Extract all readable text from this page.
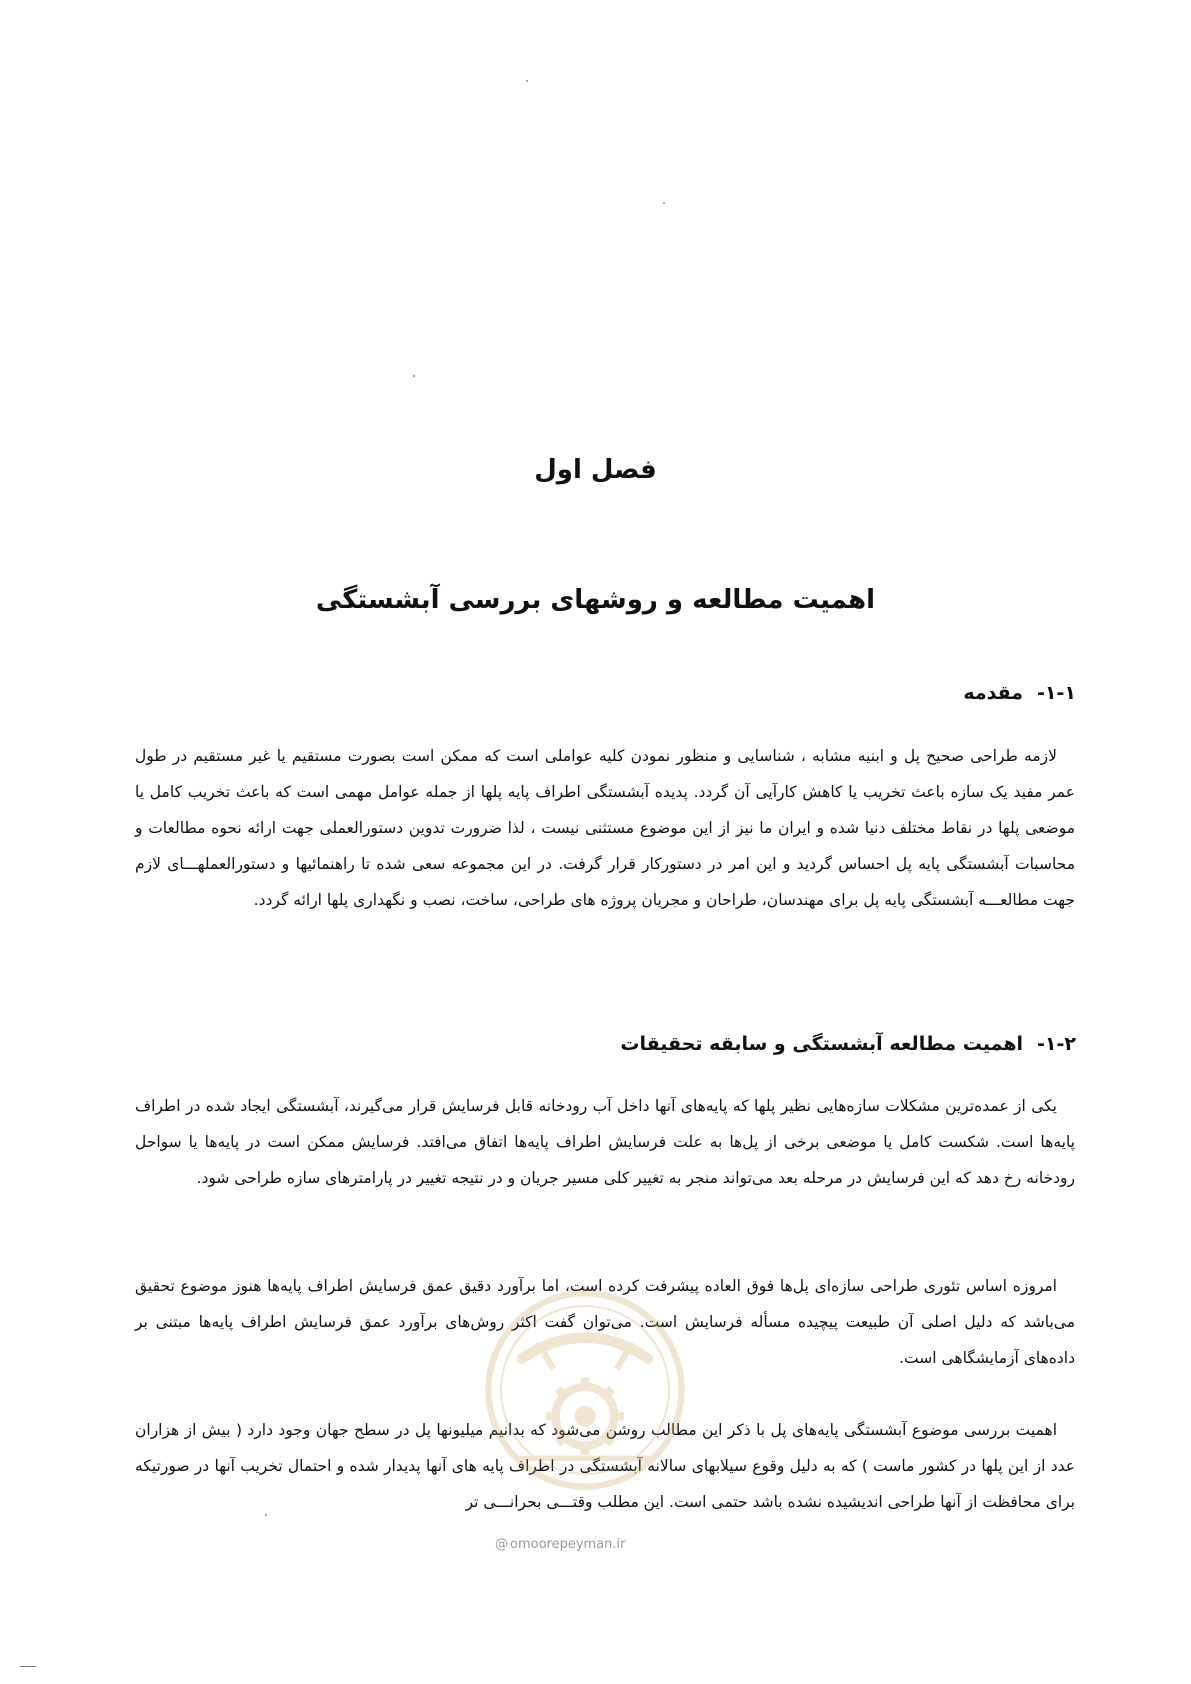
فصل اول
اهمیت مطالعه و روشهای بررسی آبشستگی
۱-۱-مقدمه

لازمه طراحی صحیح پل و ابنیه مشابه ، شناسایی و منظور نمودن کلیه عواملی است که ممکن است بصورت مستقیم یا غیر مستقیم در طول عمر مفید یک سازه باعث تخریب یا کاهش کارآیی آن گردد. پدیده آبشستگی اطراف پایه پلها از جمله عوامل مهمی است که باعث تخریب کامل یا موضعی پلها در نقاط مختلف دنیا شده و ایران ما نیز از این موضوع مستثنی نیست ، لذا ضرورت تدوین دستورالعملی جهت ارائه نحوه مطالعات و محاسبات آبشستگی پایه پل احساس گردید و این امر در دستورکار قرار گرفت. در این مجموعه سعی شده تا راهنمائیها و دستورالعملهـــای لازم جهت مطالعـــه آبشستگی پایه پل برای مهندسان، طراحان و مجریان پروژه های طراحی، ساخت، نصب و نگهداری پلها ارائه گردد.

۱-۲-اهمیت مطالعه آبشستگی و سابقه تحقیقات

یکی از عمده‌ترین مشکلات سازه‌هایی نظیر پلها که پایه‌های آنها داخل آب رودخانه قابل فرسایش قرار می‌گیرند، آبشستگی ایجاد شده در اطراف پایه‌ها است. شکست کامل یا موضعی برخی از پل‌ها به علت فرسایش اطراف پایه‌ها اتفاق می‌افتد. فرسایش ممکن است در پایه‌ها یا سواحل رودخانه رخ دهد که این فرسایش در مرحله بعد می‌تواند منجر به تغییر کلی مسیر جریان و در نتیجه تغییر در پارامترهای سازه طراحی شود.

امروزه اساس تئوری طراحی سازه‌ای پل‌ها فوق العاده پیشرفت کرده است، اما برآورد دقیق عمق فرسایش اطراف پایه‌ها هنوز موضوع تحقیق می‌باشد که دلیل اصلی آن طبیعت پیچیده مسأله فرسایش است. می‌توان گفت اکثر روش‌های برآورد عمق فرسایش اطراف پایه‌ها مبتنی بر داده‌های آزمایشگاهی است.

اهمیت بررسی موضوع آبشستگی پایه‌های پل با ذکر این مطالب روشن می‌شود که بدانیم میلیونها پل در سطح جهان وجود دارد ( بیش از هزاران عدد از این پلها در کشور ماست ) که به دلیل وقوع سیلابهای سالانه آبشستگی در اطراف پایه های آنها پدیدار شده و احتمال تخریب آنها در صورتیکه برای محافظت از آنها طراحی اندیشیده نشده باشد حتمی است. این مطلب وقتـــی بحرانـــی تر

@ omoorepeyman.ir
